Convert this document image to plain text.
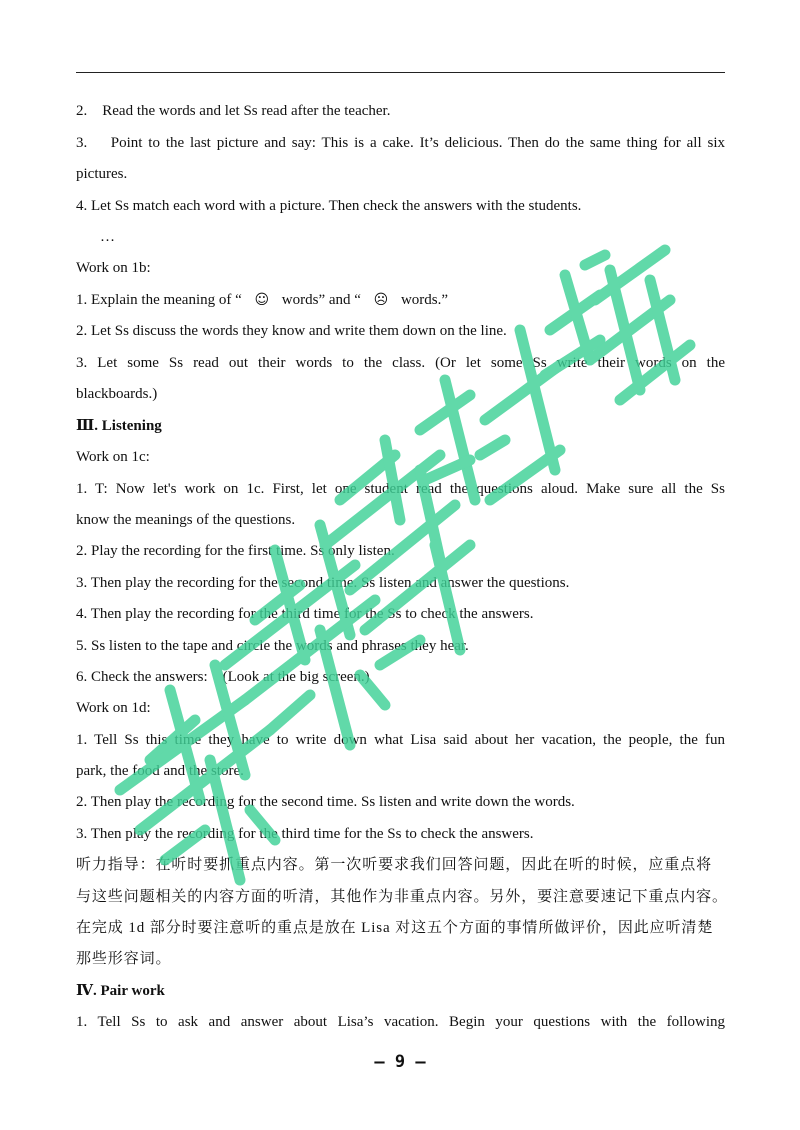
2.    Read the words and let Ss read after the teacher.
3.    Point to the last picture and say: This is a cake. It’s delicious. Then do the same thing for all six
pictures.
4. Let Ss match each word with a picture. Then check the answers with the students.
…
Work on 1b:
1. Explain the meaning of “ ☺ words” and “ ☹ words.”
2. Let Ss discuss the words they know and write them down on the line.
3. Let some Ss read out their words to the class. (Or let some Ss write their words on the
blackboards.)
Ⅲ. Listening
Work on 1c:
1. T: Now let's work on 1c. First, let one student read the questions aloud. Make sure all the Ss
know the meanings of the questions.
2. Play the recording for the first time. Ss only listen.
3. Then play the recording for the second time. Ss listen and answer the questions.
4. Then play the recording for the third time for the Ss to check the answers.
5. Ss listen to the tape and circle the words and phrases they hear.
6. Check the answers:    (Look at the big screen.)
Work on 1d:
1. Tell Ss this time they have to write down what Lisa said about her vacation, the people, the fun
park, the food and the store.
2. Then play the recording for the second time. Ss listen and write down the words.
3. Then play the recording for the third time for the Ss to check the answers.
听力指导：在听时要抓重点内容。第一次听要求我们回答问题，因此在听的时候，应重点将
与这些问题相关的内容方面的听清，其他作为非重点内容。另外，要注意要速记下重点内容。
在完成 1d 部分时要注意听的重点是放在 Lisa 对这五个方面的事情所做评价，因此应听清楚
那些形容词。
Ⅳ. Pair work
1. Tell Ss to ask and answer about Lisa’s vacation. Begin your questions with the following
– 9 –
